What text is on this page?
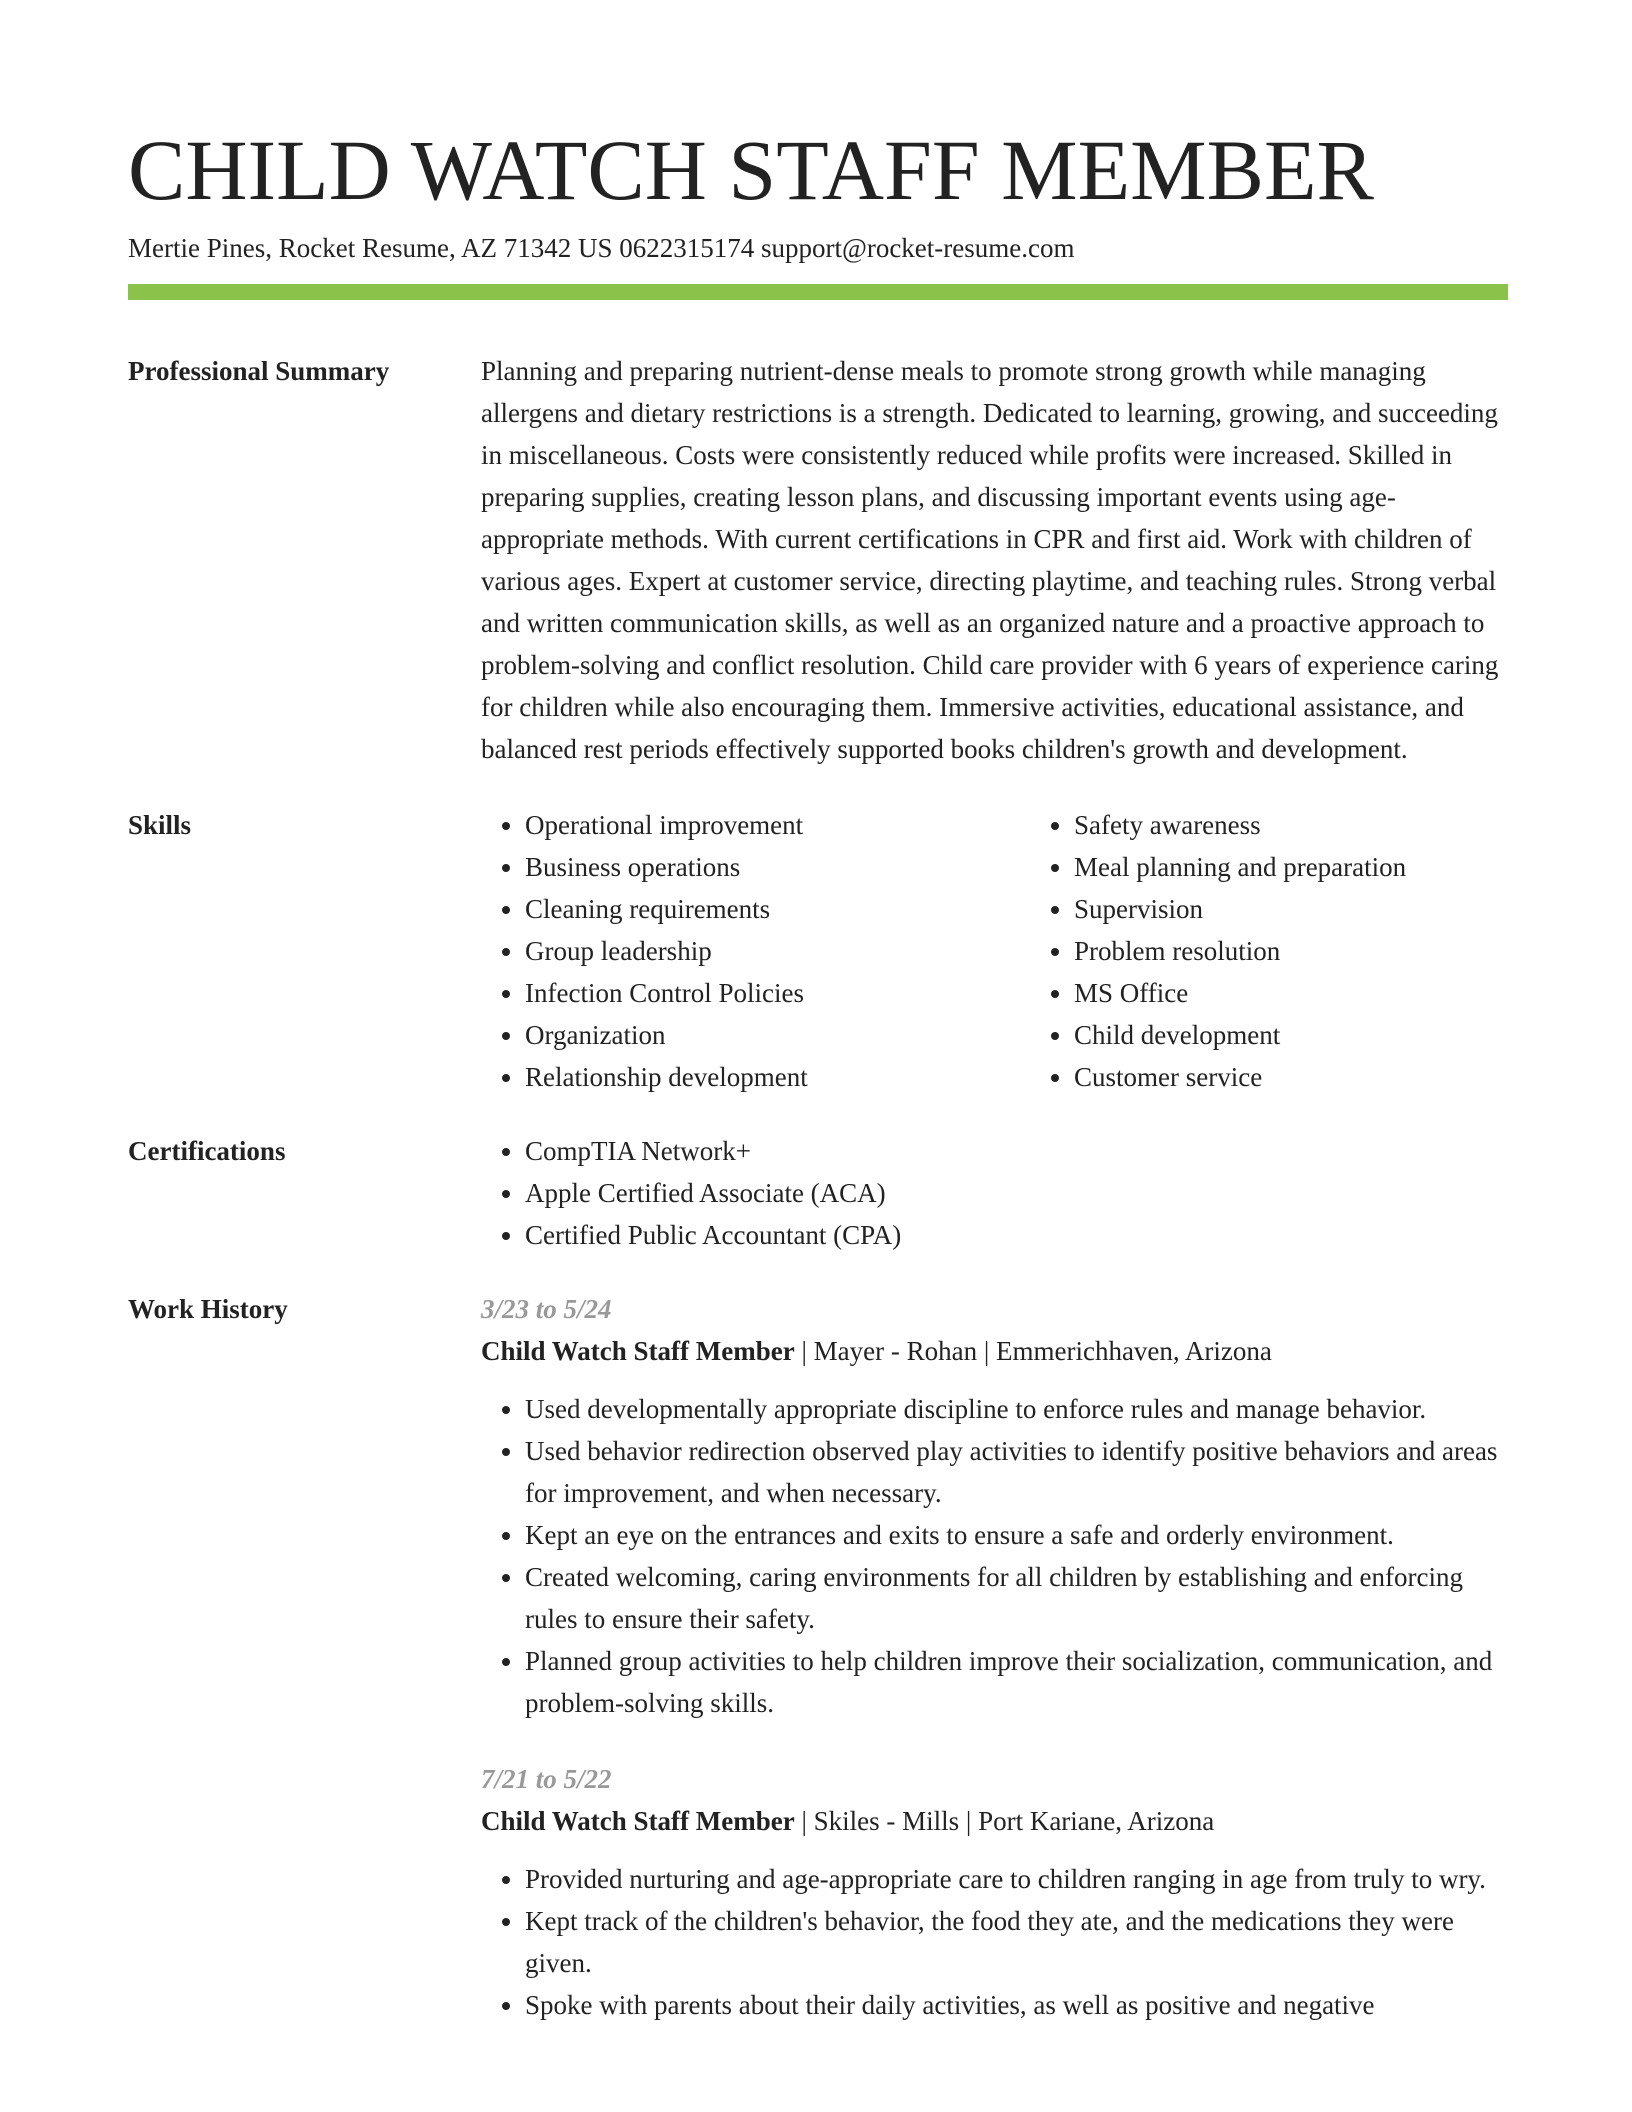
CHILD WATCH STAFF MEMBER
Mertie Pines, Rocket Resume, AZ 71342 US 0622315174 support@rocket-resume.com
Professional Summary	Planning and preparing nutrient-dense meals to promote strong growth while managing allergens and dietary restrictions is a strength. Dedicated to learning, growing, and succeeding in miscellaneous. Costs were consistently reduced while profits were increased. Skilled in preparing supplies, creating lesson plans, and discussing important events using age-appropriate methods. With current certifications in CPR and first aid. Work with children of various ages. Expert at customer service, directing playtime, and teaching rules. Strong verbal and written communication skills, as well as an organized nature and a proactive approach to problem-solving and conflict resolution. Child care provider with 6 years of experience caring for children while also encouraging them. Immersive activities, educational assistance, and balanced rest periods effectively supported books children's growth and development.
Skills	• Operational improvement
• Business operations
• Cleaning requirements
• Group leadership
• Infection Control Policies
• Organization
• Relationship development
• Safety awareness
• Meal planning and preparation
• Supervision
• Problem resolution
• MS Office
• Child development
• Customer service
Certifications	• CompTIA Network+
• Apple Certified Associate (ACA)
• Certified Public Accountant (CPA)
Work History	3/23 to 5/24
Child Watch Staff Member | Mayer - Rohan | Emmerichhaven, Arizona
• Used developmentally appropriate discipline to enforce rules and manage behavior.
• Used behavior redirection observed play activities to identify positive behaviors and areas for improvement, and when necessary.
• Kept an eye on the entrances and exits to ensure a safe and orderly environment.
• Created welcoming, caring environments for all children by establishing and enforcing rules to ensure their safety.
• Planned group activities to help children improve their socialization, communication, and problem-solving skills.
7/21 to 5/22
Child Watch Staff Member | Skiles - Mills | Port Kariane, Arizona
• Provided nurturing and age-appropriate care to children ranging in age from truly to wry.
• Kept track of the children's behavior, the food they ate, and the medications they were given.
• Spoke with parents about their daily activities, as well as positive and negative
